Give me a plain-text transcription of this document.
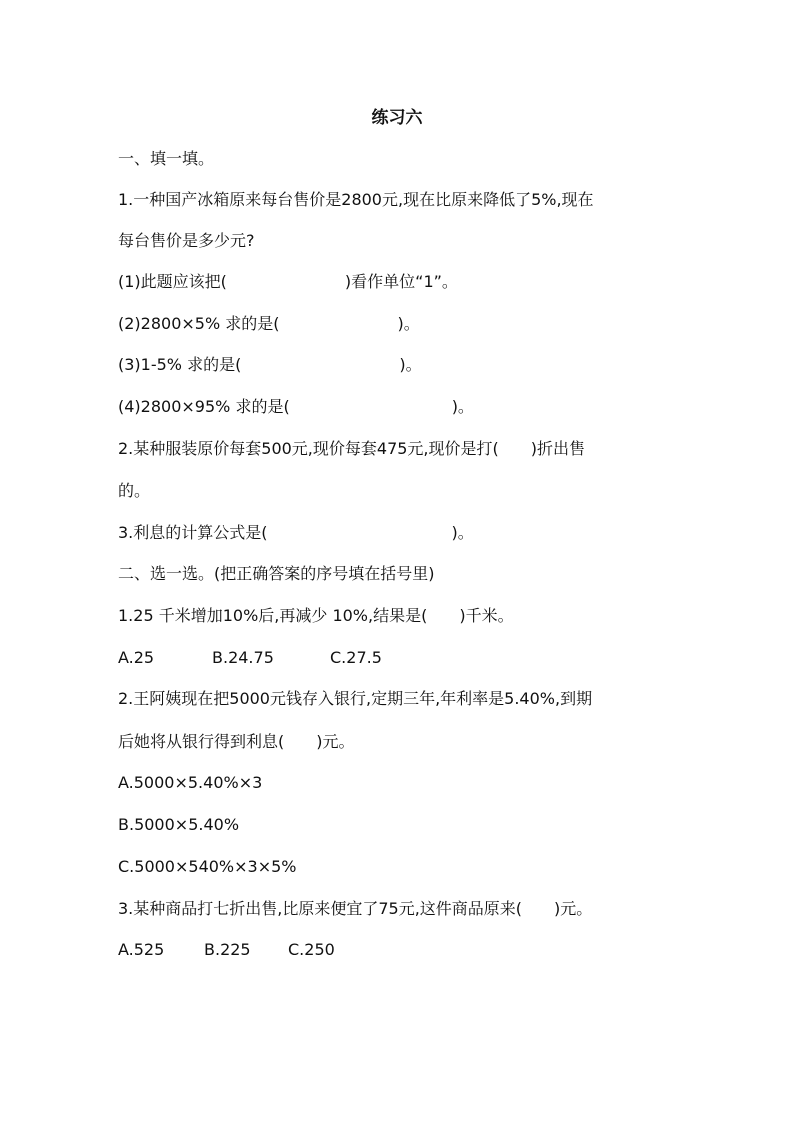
练习六
一、填一填。
1.一种国产冰箱原来每台售价是2800元,现在比原来降低了5%,现在
每台售价是多少元?
(1)此题应该把(	)看作单位“1”。
(2)2800×5% 求的是(	)。
(3)1-5% 求的是(	)。
(4)2800×95% 求的是(	)。
2.某种服装原价每套500元,现价每套475元,现价是打( )折出售
的。
3.利息的计算公式是(	)。
二、选一选。(把正确答案的序号填在括号里)
1.25 千米增加10%后,再减少 10%,结果是( )千米。
A.25	B.24.75	C.27.5
2.王阿姨现在把5000元钱存入银行,定期三年,年利率是5.40%,到期
后她将从银行得到利息( )元。
A.5000×5.40%×3
B.5000×5.40%
C.5000×540%×3×5%
3.某种商品打七折出售,比原来便宜了75元,这件商品原来( )元。
A.525 B.225 C.250
